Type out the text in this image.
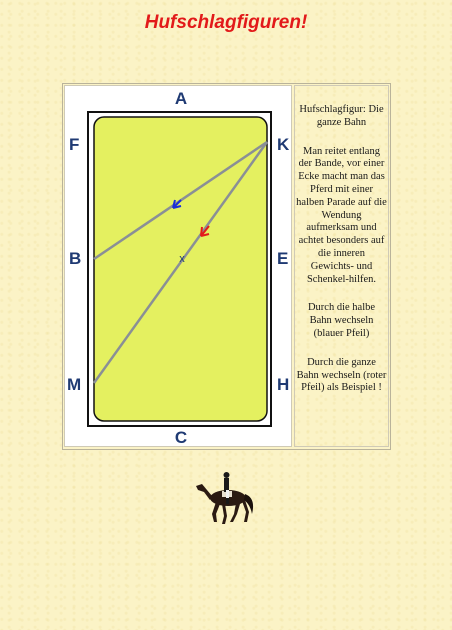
Hufschlagfiguren!
x
A
C
F
B
M
K
E
H

Hufschlagfigur: Die ganze Bahn

Man reitet entlang der Bande, vor einer Ecke macht man das Pferd mit einer halben Parade auf die Wendung aufmerksam und achtet besonders auf die inneren Gewichts- und Schenkel-hilfen.

Durch die halbe Bahn wechseln (blauer Pfeil)

Durch die ganze Bahn wechseln (roter Pfeil) als Beispiel !
